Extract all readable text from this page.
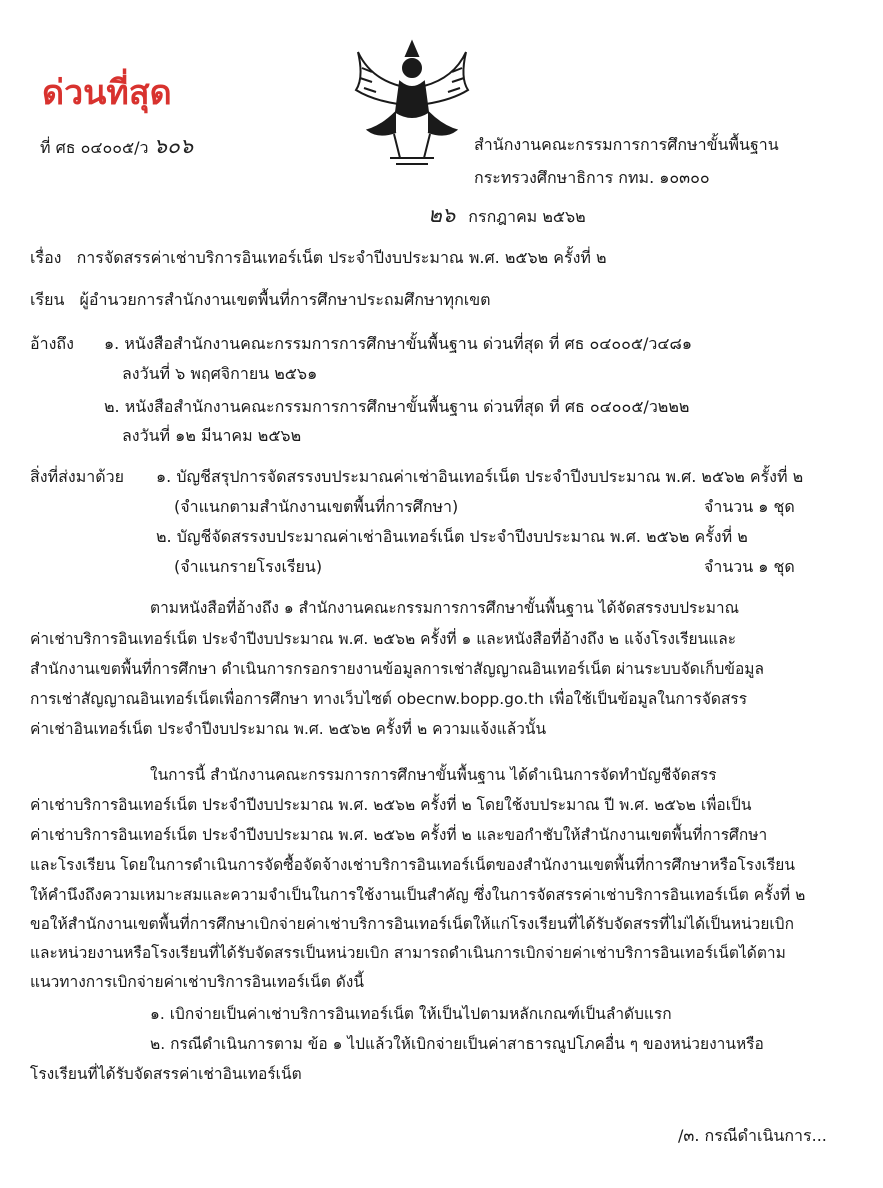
ด่วนที่สุด
ที่ ศธ ๐๔๐๐๕/ว ๖๐๖	สำนักงานคณะกรรมการการศึกษาขั้นพื้นฐาน
กระทรวงศึกษาธิการ กทม. ๑๐๓๐๐
๒๖ กรกฎาคม ๒๕๖๒
เรื่อง การจัดสรรค่าเช่าบริการอินเทอร์เน็ต ประจำปีงบประมาณ พ.ศ. ๒๕๖๒ ครั้งที่ ๒
เรียน ผู้อำนวยการสำนักงานเขตพื้นที่การศึกษาประถมศึกษาทุกเขต
อ้างถึง ๑. หนังสือสำนักงานคณะกรรมการการศึกษาขั้นพื้นฐาน ด่วนที่สุด ที่ ศธ ๐๔๐๐๕/ว๔๘๑
ลงวันที่ ๖ พฤศจิกายน ๒๕๖๑
๒. หนังสือสำนักงานคณะกรรมการการศึกษาขั้นพื้นฐาน ด่วนที่สุด ที่ ศธ ๐๔๐๐๕/ว๒๒๒
ลงวันที่ ๑๒ มีนาคม ๒๕๖๒
สิ่งที่ส่งมาด้วย ๑. บัญชีสรุปการจัดสรรงบประมาณค่าเช่าอินเทอร์เน็ต ประจำปีงบประมาณ พ.ศ. ๒๕๖๒ ครั้งที่ ๒
(จำแนกตามสำนักงานเขตพื้นที่การศึกษา)	จำนวน ๑ ชุด
๒. บัญชีจัดสรรงบประมาณค่าเช่าอินเทอร์เน็ต ประจำปีงบประมาณ พ.ศ. ๒๕๖๒ ครั้งที่ ๒
(จำแนกรายโรงเรียน)	จำนวน ๑ ชุด
ตามหนังสือที่อ้างถึง ๑ สำนักงานคณะกรรมการการศึกษาขั้นพื้นฐาน ได้จัดสรรงบประมาณ
ค่าเช่าบริการอินเทอร์เน็ต ประจำปีงบประมาณ พ.ศ. ๒๕๖๒ ครั้งที่ ๑ และหนังสือที่อ้างถึง ๒ แจ้งโรงเรียนและ
สำนักงานเขตพื้นที่การศึกษา ดำเนินการกรอกรายงานข้อมูลการเช่าสัญญาณอินเทอร์เน็ต ผ่านระบบจัดเก็บข้อมูล
การเช่าสัญญาณอินเทอร์เน็ตเพื่อการศึกษา ทางเว็บไซต์ obecnw.bopp.go.th เพื่อใช้เป็นข้อมูลในการจัดสรร
ค่าเช่าอินเทอร์เน็ต ประจำปีงบประมาณ พ.ศ. ๒๕๖๒ ครั้งที่ ๒ ความแจ้งแล้วนั้น
ในการนี้ สำนักงานคณะกรรมการการศึกษาขั้นพื้นฐาน ได้ดำเนินการจัดทำบัญชีจัดสรร
ค่าเช่าบริการอินเทอร์เน็ต ประจำปีงบประมาณ พ.ศ. ๒๕๖๒ ครั้งที่ ๒ โดยใช้งบประมาณ ปี พ.ศ. ๒๕๖๒ เพื่อเป็น
ค่าเช่าบริการอินเทอร์เน็ต ประจำปีงบประมาณ พ.ศ. ๒๕๖๒ ครั้งที่ ๒ และขอกำชับให้สำนักงานเขตพื้นที่การศึกษา
และโรงเรียน โดยในการดำเนินการจัดซื้อจัดจ้างเช่าบริการอินเทอร์เน็ตของสำนักงานเขตพื้นที่การศึกษาหรือโรงเรียน
ให้คำนึงถึงความเหมาะสมและความจำเป็นในการใช้งานเป็นสำคัญ ซึ่งในการจัดสรรค่าเช่าบริการอินเทอร์เน็ต ครั้งที่ ๒
ขอให้สำนักงานเขตพื้นที่การศึกษาเบิกจ่ายค่าเช่าบริการอินเทอร์เน็ตให้แก่โรงเรียนที่ได้รับจัดสรรที่ไม่ได้เป็นหน่วยเบิก
และหน่วยงานหรือโรงเรียนที่ได้รับจัดสรรเป็นหน่วยเบิก สามารถดำเนินการเบิกจ่ายค่าเช่าบริการอินเทอร์เน็ตได้ตาม
แนวทางการเบิกจ่ายค่าเช่าบริการอินเทอร์เน็ต ดังนี้
๑. เบิกจ่ายเป็นค่าเช่าบริการอินเทอร์เน็ต ให้เป็นไปตามหลักเกณฑ์เป็นลำดับแรก
๒. กรณีดำเนินการตาม ข้อ ๑ ไปแล้วให้เบิกจ่ายเป็นค่าสาธารณูปโภคอื่น ๆ ของหน่วยงานหรือ
โรงเรียนที่ได้รับจัดสรรค่าเช่าอินเทอร์เน็ต
/๓. กรณีดำเนินการ...
